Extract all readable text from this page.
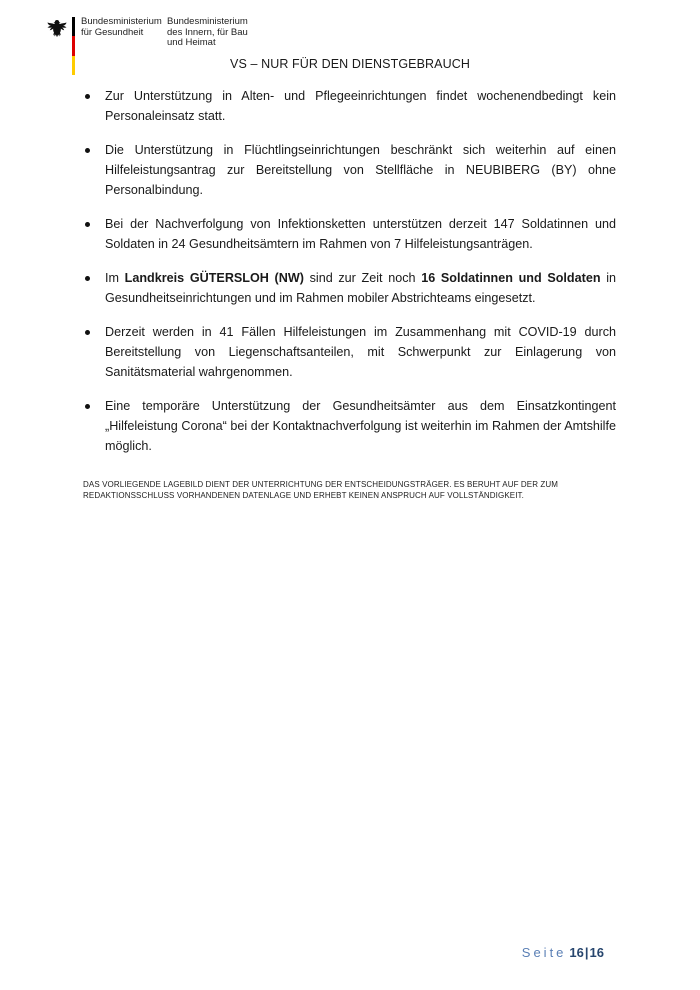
Bundesministerium
für Gesundheit
Bundesministerium
des Innern, für Bau
und Heimat
VS – NUR FÜR DEN DIENSTGEBRAUCH
Zur Unterstützung in Alten- und Pflegeeinrichtungen findet wochenendbedingt kein Personaleinsatz statt.
Die Unterstützung in Flüchtlingseinrichtungen beschränkt sich weiterhin auf einen Hilfeleistungsantrag zur Bereitstellung von Stellfläche in NEUBIBERG (BY) ohne Personalbindung.
Bei der Nachverfolgung von Infektionsketten unterstützen derzeit 147 Soldatinnen und Soldaten in 24 Gesundheitsämtern im Rahmen von 7 Hilfeleistungsanträgen.
Im Landkreis GÜTERSLOH (NW) sind zur Zeit noch 16 Soldatinnen und Soldaten in Gesundheitseinrichtungen und im Rahmen mobiler Abstrichteams eingesetzt.
Derzeit werden in 41 Fällen Hilfeleistungen im Zusammenhang mit COVID-19 durch Bereitstellung von Liegenschaftsanteilen, mit Schwerpunkt zur Einlagerung von Sanitätsmaterial wahrgenommen.
Eine temporäre Unterstützung der Gesundheitsämter aus dem Einsatzkontingent „Hilfeleistung Corona“ bei der Kontaktnachverfolgung ist weiterhin im Rahmen der Amtshilfe möglich.
DAS VORLIEGENDE LAGEBILD DIENT DER UNTERRICHTUNG DER ENTSCHEIDUNGSTRÄGER. ES BERUHT AUF DER ZUM REDAKTIONSSCHLUSS VORHANDENEN DATENLAGE UND ERHEBT KEINEN ANSPRUCH AUF VOLLSTÄNDIGKEIT.
Seite 16|16
